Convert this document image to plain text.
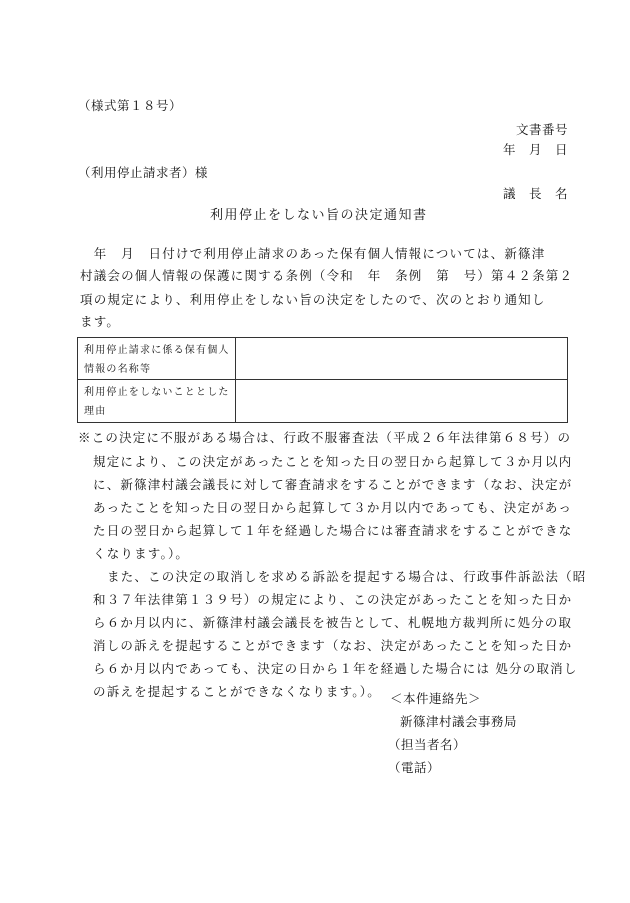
（様式第１８号）
文書番号
年　月　日
（利用停止請求者）様
議　長　名
利用停止をしない旨の決定通知書
　年　月　日付けで利用停止請求のあった保有個人情報については、新篠津
村議会の個人情報の保護に関する条例（令和　年　条例　第　号）第４２条第２
項の規定により、利用停止をしない旨の決定をしたので、次のとおり通知し
ます。
利用停止請求に係る保有個人情報の名称等
利用停止をしないこととした理由
※この決定に不服がある場合は、行政不服審査法（平成２６年法律第６８号）の
規定により、この決定があったことを知った日の翌日から起算して３か月以内
に、新篠津村議会議長に対して審査請求をすることができます（なお、決定が
あったことを知った日の翌日から起算して３か月以内であっても、決定があっ
た日の翌日から起算して１年を経過した場合には審査請求をすることができな
くなります。）。
また、この決定の取消しを求める訴訟を提起する場合は、行政事件訴訟法（昭
和３７年法律第１３９号）の規定により、この決定があったことを知った日か
ら６か月以内に、新篠津村議会議長を被告として、札幌地方裁判所に処分の取
消しの訴えを提起することができます（なお、決定があったことを知った日か
ら６か月以内であっても、決定の日から１年を経過した場合には 処分の取消し
の訴えを提起することができなくなります。）。 ＜本件連絡先＞
新篠津村議会事務局
（担当者名）
（電話）
